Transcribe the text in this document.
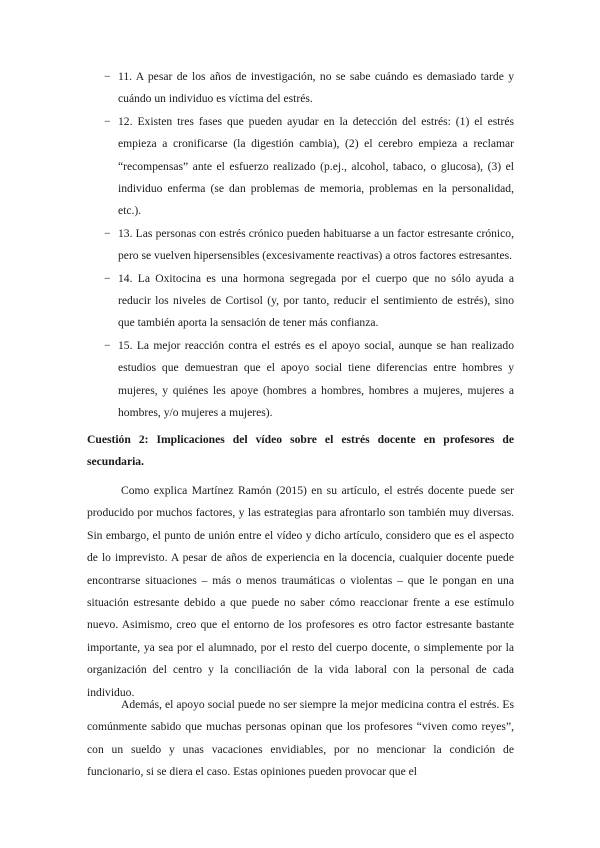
− 11. A pesar de los años de investigación, no se sabe cuándo es demasiado tarde y cuándo un individuo es víctima del estrés.
− 12. Existen tres fases que pueden ayudar en la detección del estrés: (1) el estrés empieza a cronificarse (la digestión cambia), (2) el cerebro empieza a reclamar “recompensas” ante el esfuerzo realizado (p.ej., alcohol, tabaco, o glucosa), (3) el individuo enferma (se dan problemas de memoria, problemas en la personalidad, etc.).
− 13. Las personas con estrés crónico pueden habituarse a un factor estresante crónico, pero se vuelven hipersensibles (excesivamente reactivas) a otros factores estresantes.
− 14. La Oxitocina es una hormona segregada por el cuerpo que no sólo ayuda a reducir los niveles de Cortisol (y, por tanto, reducir el sentimiento de estrés), sino que también aporta la sensación de tener más confianza.
− 15. La mejor reacción contra el estrés es el apoyo social, aunque se han realizado estudios que demuestran que el apoyo social tiene diferencias entre hombres y mujeres, y quiénes les apoye (hombres a hombres, hombres a mujeres, mujeres a hombres, y/o mujeres a mujeres).

Cuestión 2: Implicaciones del vídeo sobre el estrés docente en profesores de secundaria.

Como explica Martínez Ramón (2015) en su artículo, el estrés docente puede ser producido por muchos factores, y las estrategias para afrontarlo son también muy diversas. Sin embargo, el punto de unión entre el vídeo y dicho artículo, considero que es el aspecto de lo imprevisto. A pesar de años de experiencia en la docencia, cualquier docente puede encontrarse situaciones – más o menos traumáticas o violentas – que le pongan en una situación estresante debido a que puede no saber cómo reaccionar frente a ese estímulo nuevo. Asimismo, creo que el entorno de los profesores es otro factor estresante bastante importante, ya sea por el alumnado, por el resto del cuerpo docente, o simplemente por la organización del centro y la conciliación de la vida laboral con la personal de cada individuo.

Además, el apoyo social puede no ser siempre la mejor medicina contra el estrés. Es comúnmente sabido que muchas personas opinan que los profesores “viven como reyes”, con un sueldo y unas vacaciones envidiables, por no mencionar la condición de funcionario, si se diera el caso. Estas opiniones pueden provocar que el
